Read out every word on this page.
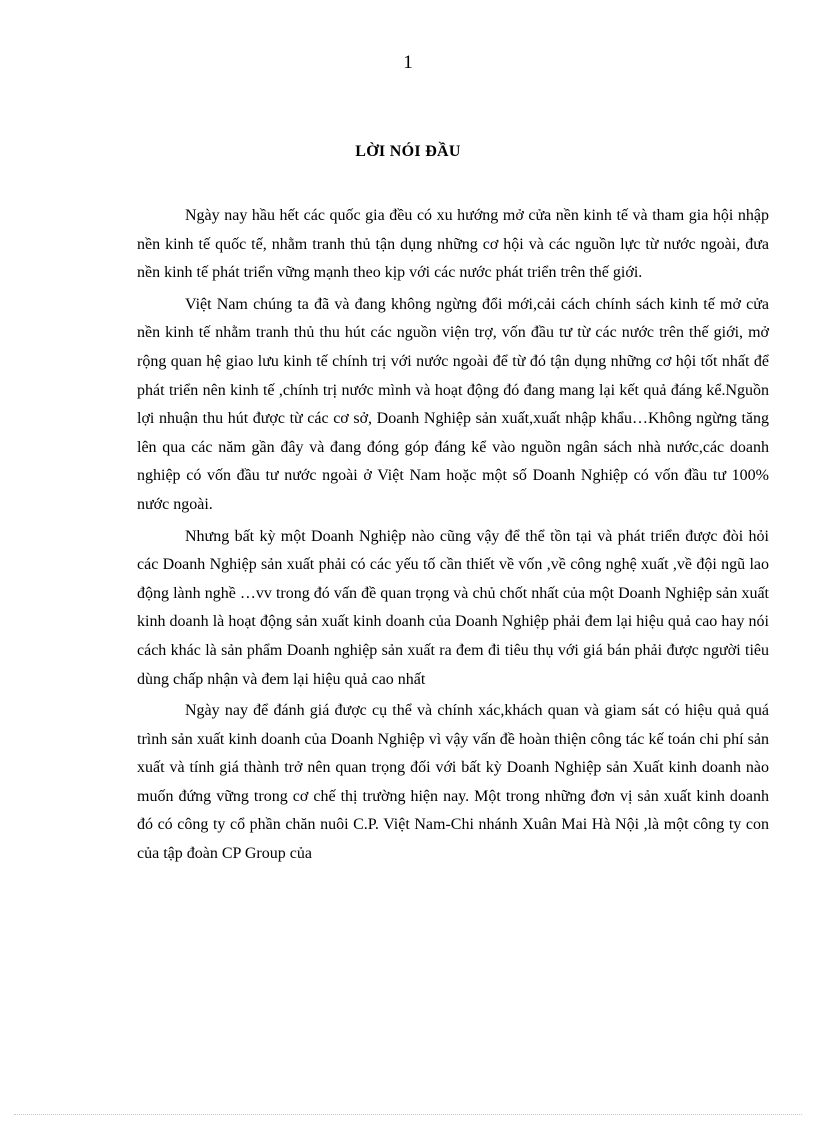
1
LỜI NÓI ĐẦU

Ngày nay hầu hết các quốc gia đều có xu hướng mở cửa nền kinh tế và tham gia hội nhập nền kinh tế quốc tế, nhằm tranh thủ tận dụng những cơ hội và các nguồn lực từ nước ngoài, đưa nền kinh tế phát triển vững mạnh theo kịp với các nước phát triển trên thế giới.

Việt Nam chúng ta đã và đang không ngừng đổi mới,cải cách chính sách kinh tế mở cửa nền kinh tế nhằm tranh thủ thu hút các nguồn viện trợ, vốn đầu tư từ các nước trên thế giới, mở rộng quan hệ giao lưu kinh tế chính trị với nước ngoài để từ đó tận dụng những cơ hội tốt nhất để phát triển nên kinh tế ,chính trị nước mình và hoạt động đó đang mang lại kết quả đáng kể.Nguồn lợi nhuận thu hút được từ các cơ sở, Doanh Nghiệp sản xuất,xuất nhập khẩu…Không ngừng tăng lên qua các năm gần đây và đang đóng góp đáng kể vào nguồn ngân sách nhà nước,các doanh nghiệp có vốn đầu tư nước ngoài ở Việt Nam hoặc một số Doanh Nghiệp có vốn đầu tư 100% nước ngoài.

Nhưng bất kỳ một Doanh Nghiệp nào cũng vậy để thể tồn tại và phát triển được đòi hỏi các Doanh Nghiệp sản xuất phải có các yếu tố cần thiết về vốn ,về công nghệ xuất ,về đội ngũ lao động lành nghề …vv trong đó vấn đề quan trọng và chủ chốt nhất của một Doanh Nghiệp sản xuất kinh doanh là hoạt động sản xuất kinh doanh của Doanh Nghiệp phải đem lại hiệu quả cao hay nói cách khác là sản phẩm Doanh nghiệp sản xuất ra đem đi tiêu thụ với giá bán phải được người tiêu dùng chấp nhận và đem lại hiệu quả cao nhất

Ngày nay để đánh giá được cụ thể và chính xác,khách quan và giam sát có hiệu quả quá trình sản xuất kinh doanh của Doanh Nghiệp vì vậy vấn đề hoàn thiện công tác kế toán chi phí sản xuất và tính giá thành trở nên quan trọng đối với bất kỳ Doanh Nghiệp sản Xuất kinh doanh nào muốn đứng vững trong cơ chế thị trường hiện nay. Một trong những đơn vị sản xuất kinh doanh đó có công ty cổ phần chăn nuôi C.P. Việt Nam-Chi nhánh Xuân Mai Hà Nội ,là một công ty con của tập đoàn CP Group của
